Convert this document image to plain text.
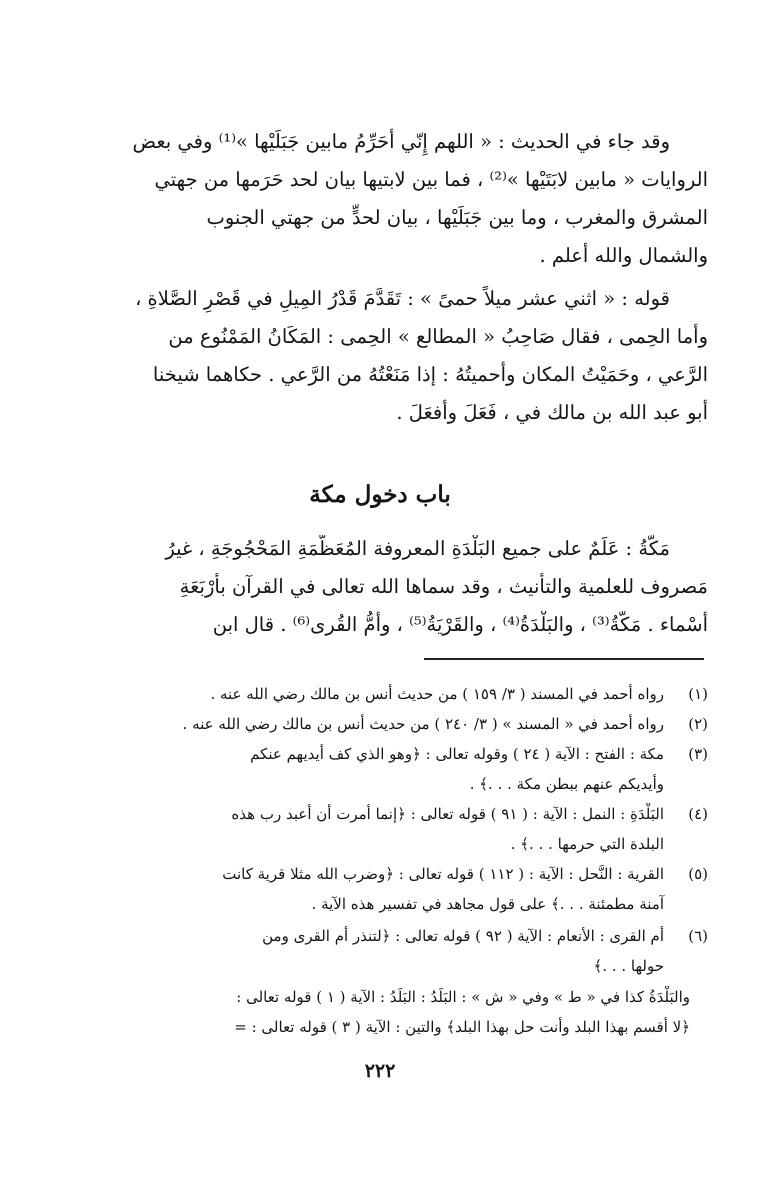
وقد جاء في الحديث : « اللهم إِنّي أُحَرِّمُ مابين جَبَلَيْها »⁽¹⁾ وفي بعض
الروايات « مابين لابَتَيْها »⁽²⁾ ، فما بين لابتيها بيان لحد حَرَمها من جهتي
المشرق والمغرب ، وما بين جَبَلَيْها ، بيان لحدٍّ من جهتي الجنوب
والشمال والله أعلم .
قوله : « اثني عشر ميلاً حمىً » : تَقَدَّمَ قَدْرُ المِيلِ في قَصْرِ الصَّلاةِ ،
وأما الحِمى ، فقال صَاحِبُ « المطالع » الحِمى : المَكَانُ المَمْنُوع من
الرَّعي ، وحَمَيْتُ المكان وأحميتُهُ : إذا مَنَعْتُهُ من الرَّعي . حكاهما شيخنا
أبو عبد الله بن مالك في ، فَعَلَ وأَفعَلَ .
باب دخول مكة
مَكَّةُ : عَلَمٌ على جميع البَلْدَةِ المعروفة المُعَظَّمَةِ المَحْجُوجَةِ ، غيرُ
مَصروف للعلمية والتأنيث ، وقد سماها الله تعالى في القرآن بأَرْبَعَةِ
أَسْماء . مَكَّةُ⁽³⁾ ، والبَلْدَةُ⁽⁴⁾ ، والقَرْيَةُ⁽⁵⁾ ، وأُمُّ القُرى⁽⁶⁾ . قال ابن
(١)رواه أحمد في المسند ( ٣/ ١٥٩ ) من حديث أنس بن مالك رضي الله عنه .
(٢)رواه أحمد في « المسند » ( ٣/ ٢٤٠ ) من حديث أنس بن مالك رضي الله عنه .
(٣)مكة : الفتح : الآية ( ٢٤ ) وقوله تعالى : ﴿وهو الذي كف أيديهم عنكم
وأيديكم عنهم ببطن مكة . . .﴾ .
(٤)البَلْدَةِ : النمل : الآية : ( ٩١ ) قوله تعالى : ﴿إنما أمرت أن أعبد رب هذه
البلدة التي حرمها . . .﴾ .
(٥)القرية : النَّحل : الآية : ( ١١٢ ) قوله تعالى : ﴿وضرب الله مثلا قرية كانت
آمنة مطمئنة . . .﴾ على قول مجاهد في تفسير هذه الآية .
(٦)أم القرى : الأنعام : الآية ( ٩٢ ) قوله تعالى : ﴿لتنذر أم القرى ومن
حولها . . .﴾
والبَلْدَةُ كذا في « ط » وفي « ش » : البَلَدُ : البَلَدُ : الآية ( ١ ) قوله تعالى :
﴿لا أقسم بهذا البلد وأنت حل بهذا البلد﴾ والتين : الآية ( ٣ ) قوله تعالى : =
٢٢٢
